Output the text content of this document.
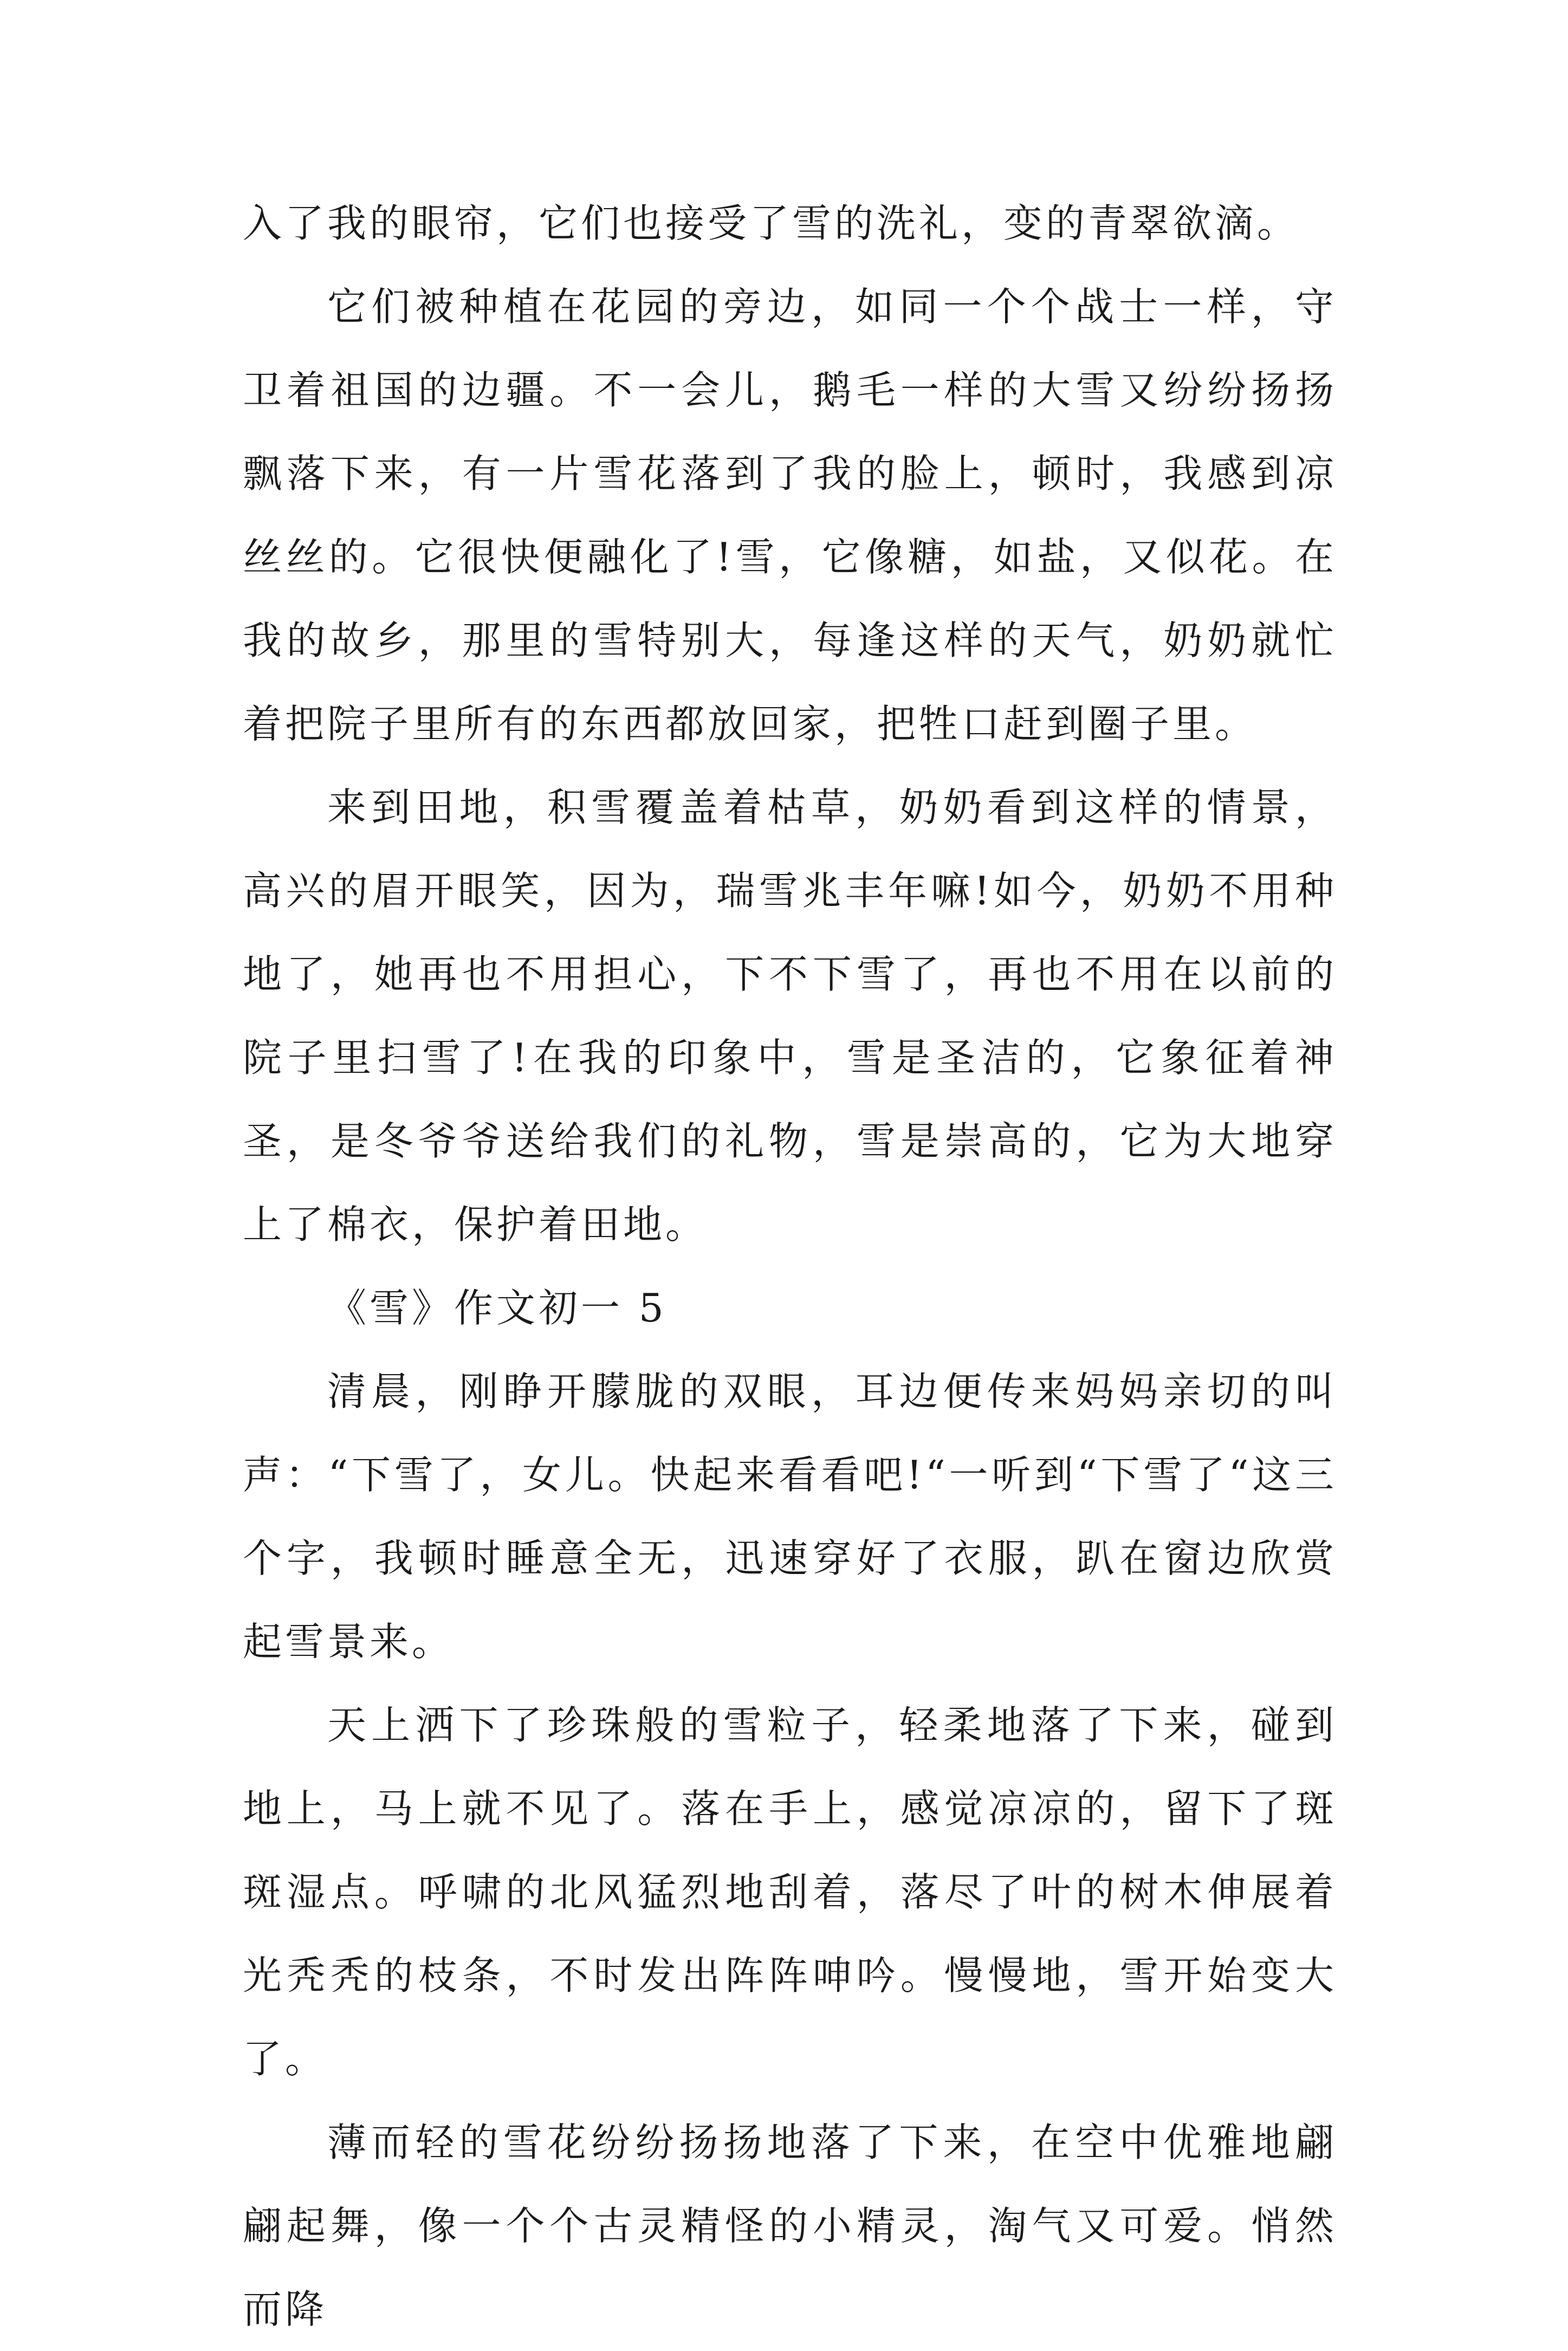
入了我的眼帘，它们也接受了雪的洗礼，变的青翠欲滴。

它们被种植在花园的旁边，如同一个个战士一样，守卫着祖国的边疆。不一会儿，鹅毛一样的大雪又纷纷扬扬飘落下来，有一片雪花落到了我的脸上，顿时，我感到凉丝丝的。它很快便融化了!雪，它像糖，如盐，又似花。在我的故乡，那里的雪特别大，每逢这样的天气，奶奶就忙着把院子里所有的东西都放回家，把牲口赶到圈子里。

来到田地，积雪覆盖着枯草，奶奶看到这样的情景，高兴的眉开眼笑，因为，瑞雪兆丰年嘛!如今，奶奶不用种地了，她再也不用担心，下不下雪了，再也不用在以前的院子里扫雪了!在我的印象中，雪是圣洁的，它象征着神圣，是冬爷爷送给我们的礼物，雪是崇高的，它为大地穿上了棉衣，保护着田地。

《雪》作文初一 5

清晨，刚睁开朦胧的双眼，耳边便传来妈妈亲切的叫声：“下雪了，女儿。快起来看看吧!“一听到“下雪了“这三个字，我顿时睡意全无，迅速穿好了衣服，趴在窗边欣赏起雪景来。

天上洒下了珍珠般的雪粒子，轻柔地落了下来，碰到地上，马上就不见了。落在手上，感觉凉凉的，留下了斑斑湿点。呼啸的北风猛烈地刮着，落尽了叶的树木伸展着光秃秃的枝条，不时发出阵阵呻吟。慢慢地，雪开始变大了。

薄而轻的雪花纷纷扬扬地落了下来，在空中优雅地翩翩起舞，像一个个古灵精怪的小精灵，淘气又可爱。悄然而降
